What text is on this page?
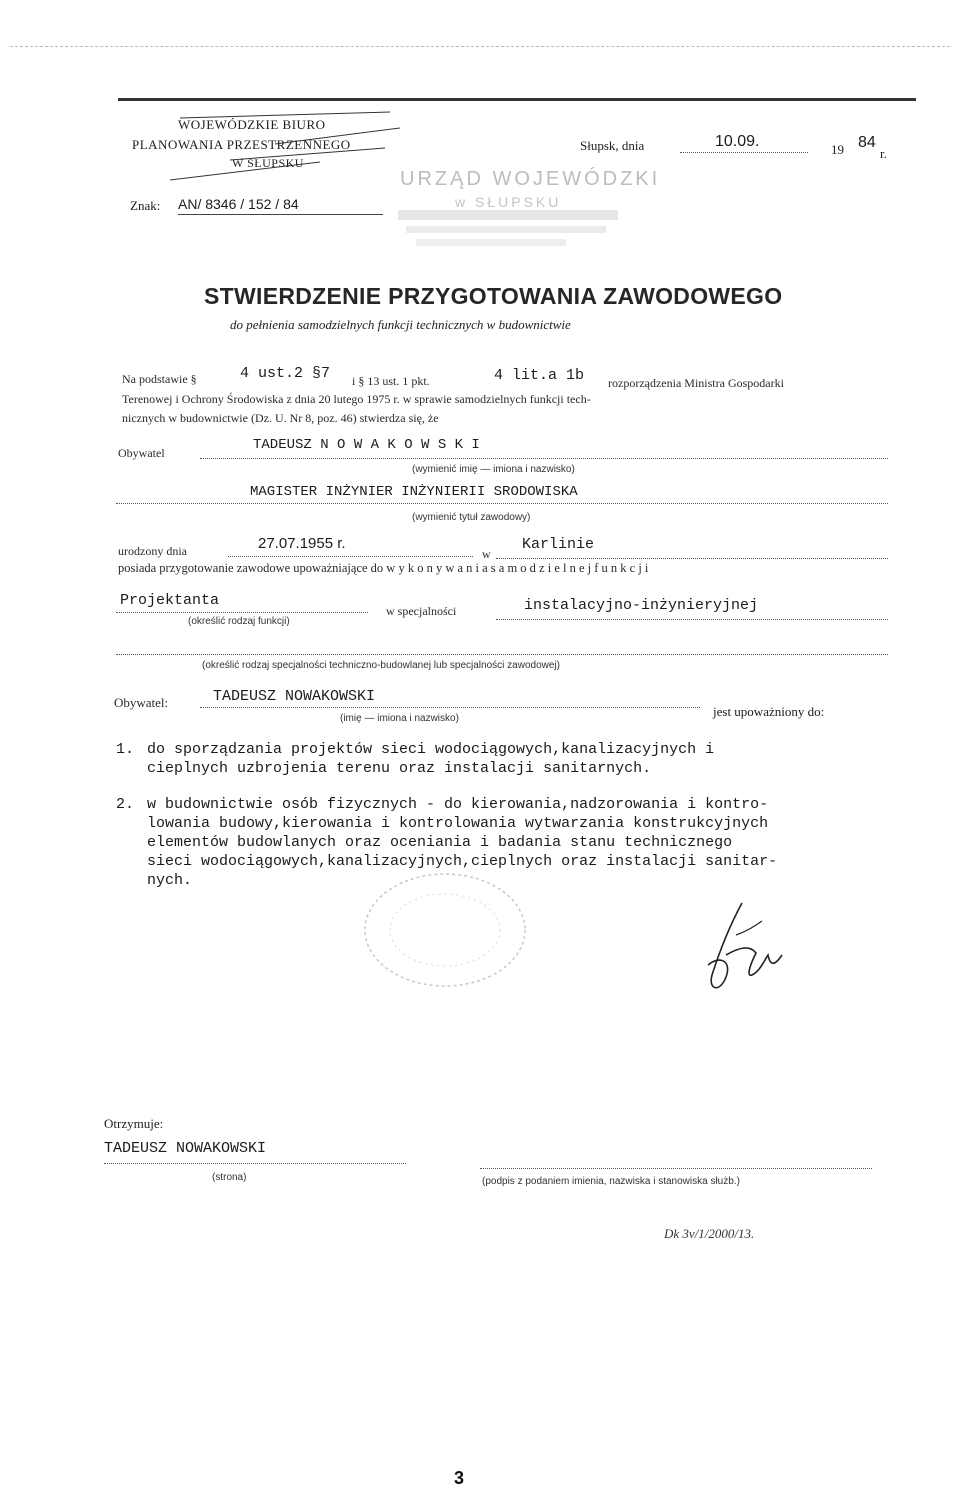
WOJEWÓDZKIE BIURO
PLANOWANIA PRZESTRZENNEGO
W SŁUPSKU
Słupsk, dnia	10.09.	19 84
r.
Znak: AN/ 8346 / 152 / 84
URZĄD WOJEWÓDZKI
w SŁUPSKU
STWIERDZENIE PRZYGOTOWANIA ZAWODOWEGO
do pełnienia samodzielnych funkcji technicznych w budownictwie
Na podstawie §	4 ust.2 §7 i § 13 ust. 1 pkt.	4 lit.a 1b rozporządzenia Ministra Gospodarki
Terenowej i Ochrony Środowiska z dnia 20 lutego 1975 r. w sprawie samodzielnych funkcji tech-
nicznych w budownictwie (Dz. U. Nr 8, poz. 46) stwierdza się, że
Obywatel	TADEUSZ N O W A K O W S K I
(wymienić imię — imiona i nazwisko)
MAGISTER INŻYNIER INŻYNIERII SRODOWISKA
(wymienić tytuł zawodowy)
urodzony dnia	27.07.1955 r.
w
Karlinie
posiada przygotowanie zawodowe upoważniające do w y k o n y w a n i a s a m o d z i e l n e j f u n k c j i
Projektanta
(określić rodzaj funkcji)
w specjalności	instalacyjno-inżynieryjnej
(określić rodzaj specjalności techniczno-budowlanej lub specjalności zawodowej)
Obywatel:	TADEUSZ NOWAKOWSKI
(imię — imiona i nazwisko)	jest upoważniony do:
1. do sporządzania projektów sieci wodociągowych,kanalizacyjnych i
cieplnych uzbrojenia terenu oraz instalacji sanitarnych.
2. w budownictwie osób fizycznych - do kierowania,nadzorowania i kontro-
lowania budowy,kierowania i kontrolowania wytwarzania konstrukcyjnych
elementów budowlanych oraz oceniania i badania stanu technicznego
sieci wodociągowych,kanalizacyjnych,cieplnych oraz instalacji sanitar-
nych.
Otrzymuje:
TADEUSZ NOWAKOWSKI
(strona)	(podpis z podaniem imienia, nazwiska i stanowiska służb.)
Dk 3v/1/2000/13.
3
